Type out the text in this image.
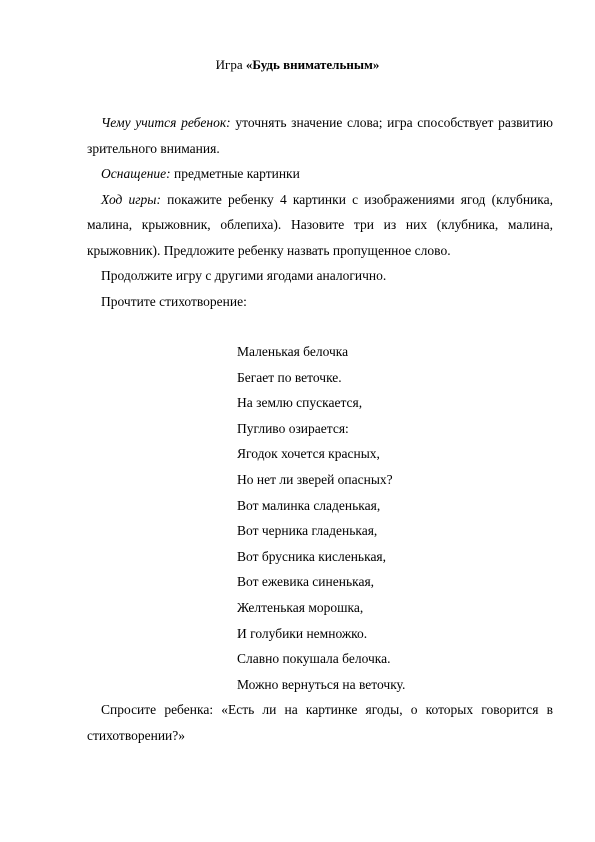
Игра «Будь внимательным»

Чему учится ребенок: уточнять значение слова; игра способствует развитию зрительного внимания.

Оснащение: предметные картинки

Ход игры: покажите ребенку 4 картинки с изображениями ягод (клубника, малина, крыжовник, облепиха). Назовите три из них (клубника, малина, крыжовник). Предложите ребенку назвать пропущенное слово.

Продолжите игру с другими ягодами аналогично.

Прочтите стихотворение:

Маленькая белочка

Бегает по веточке.

На землю спускается,

Пугливо озирается:

Ягодок хочется красных,

Но нет ли зверей опасных?

Вот малинка сладенькая,

Вот черника гладенькая,

Вот брусника кисленькая,

Вот ежевика синенькая,

Желтенькая морошка,

И голубики немножко.

Славно покушала белочка.

Можно вернуться на веточку.

Спросите ребенка: «Есть ли на картинке ягоды, о которых говорится в стихотворении?»
